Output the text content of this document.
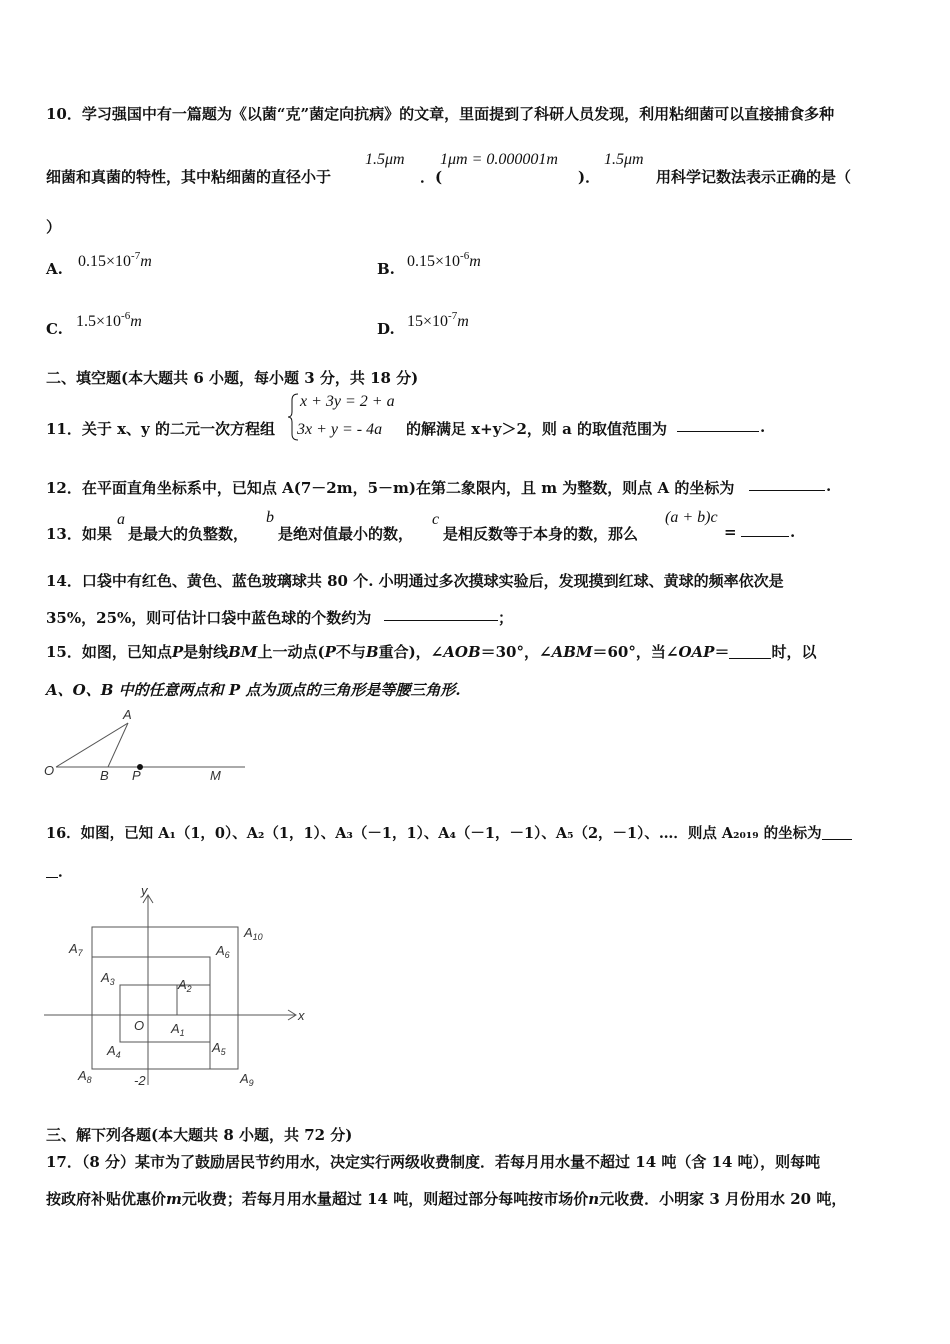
10．学习强国中有一篇题为《以菌“克”菌定向抗病》的文章，里面提到了科研人员发现，利用粘细菌可以直接捕食多种
细菌和真菌的特性，其中粘细菌的直径小于
1.5μm
．(
1μm = 0.000001m
)．
1.5μm
用科学记数法表示正确的是（
）
A. $0.15\times 10^{-7}m$	B. $0.15\times 10^{-6}m$
C. $1.5\times 10^{-6}m$	D. $15\times 10^{-7}m$
二、填空题(本大题共 6 小题，每小题 3 分，共 18 分)
11．关于 x、y 的二元一次方程组
x + 3y = 2 + a
3x + y = - 4a 的解满足 x+y＞2，则 a 的取值范围为	.
12．在平面直角坐标系中，已知点 A(7－2m，5－m)在第二象限内，且 m 为整数，则点 A 的坐标为	.
13．如果
a
是最大的负整数，
b
是绝对值最小的数，
c
是相反数等于本身的数，那么
(a + b)c
=	.
14．口袋中有红色、黄色、蓝色玻璃球共 80 个. 小明通过多次摸球实验后，发现摸到红球、黄球的频率依次是
35%，25%，则可估计口袋中蓝色球的个数约为	；
15．如图，已知点P是射线BM上一动点(P不与B重合)，∠AOB＝30°，∠ABM＝60°，当∠OAP＝	时，以
A、O、B 中的任意两点和 P 点为顶点的三角形是等腰三角形.
A
O	B P	M
16．如图，已知 A₁（1，0）、A₂（1，1）、A₃（－1，1）、A₄（－1，－1）、A₅（2，－1）、…．则点 A₂₀₁₉ 的坐标为
．
x
y
O
-2
$A_1$
$A_2$
$A_3$
$A_4$	$A_5$
$A_6$
$A_7$
$A_8$	$A_9$
$A_{10}$
三、解下列各题(本大题共 8 小题，共 72 分)
17．（8 分）某市为了鼓励居民节约用水，决定实行两级收费制度．若每月用水量不超过 14 吨（含 14 吨），则每吨
按政府补贴优惠价m元收费；若每月用水量超过 14 吨，则超过部分每吨按市场价n元收费．小明家 3 月份用水 20 吨，
